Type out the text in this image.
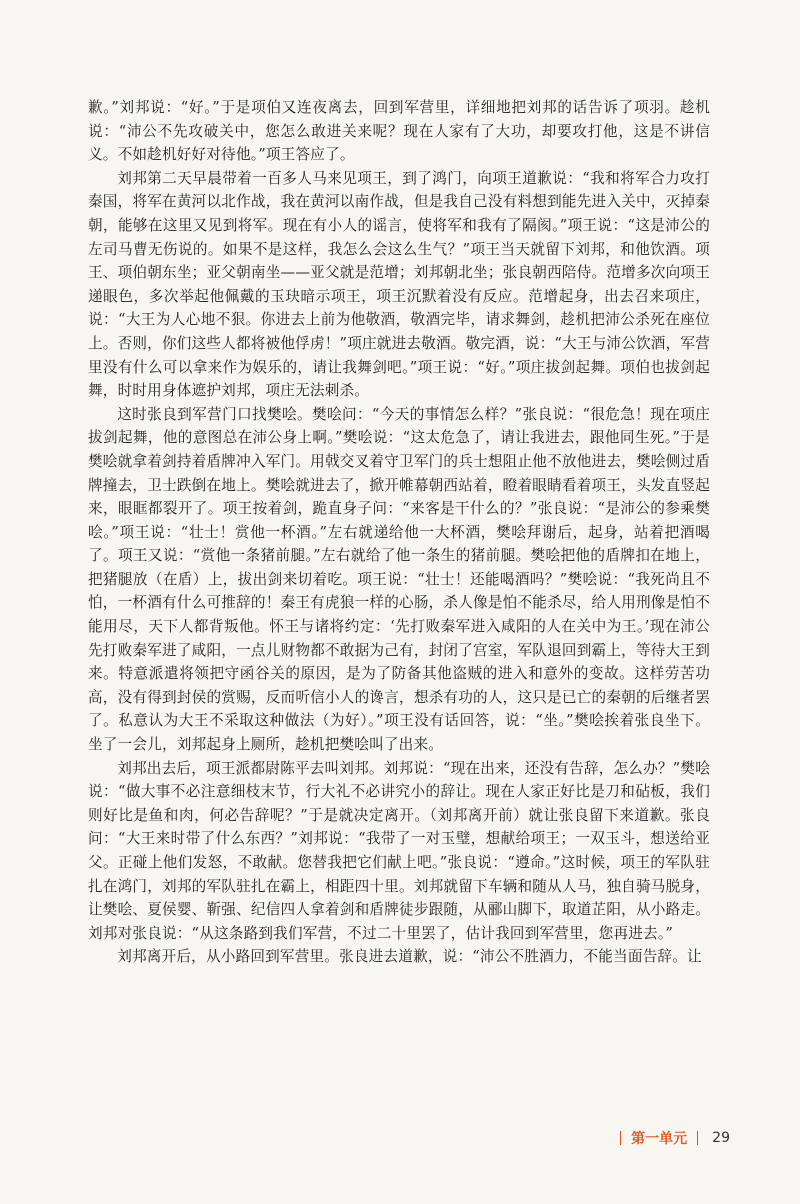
歉。”刘邦说：“好。”于是项伯又连夜离去，回到军营里，详细地把刘邦的话告诉了项羽。趁机说：“沛公不先攻破关中，您怎么敢进关来呢？现在人家有了大功，却要攻打他，这是不讲信义。不如趁机好好对待他。”项王答应了。

刘邦第二天早晨带着一百多人马来见项王，到了鸿门，向项王道歉说：“我和将军合力攻打秦国，将军在黄河以北作战，我在黄河以南作战，但是我自己没有料想到能先进入关中，灭掉秦朝，能够在这里又见到将军。现在有小人的谣言，使将军和我有了隔阂。”项王说：“这是沛公的左司马曹无伤说的。如果不是这样，我怎么会这么生气？”项王当天就留下刘邦，和他饮酒。项王、项伯朝东坐；亚父朝南坐——亚父就是范增；刘邦朝北坐；张良朝西陪侍。范增多次向项王递眼色，多次举起他佩戴的玉玦暗示项王，项王沉默着没有反应。范增起身，出去召来项庄，说：“大王为人心地不狠。你进去上前为他敬酒，敬酒完毕，请求舞剑，趁机把沛公杀死在座位上。否则，你们这些人都将被他俘虏！”项庄就进去敬酒。敬完酒，说：“大王与沛公饮酒，军营里没有什么可以拿来作为娱乐的，请让我舞剑吧。”项王说：“好。”项庄拔剑起舞。项伯也拔剑起舞，时时用身体遮护刘邦，项庄无法刺杀。

这时张良到军营门口找樊哙。樊哙问：“今天的事情怎么样？”张良说：“很危急！现在项庄拔剑起舞，他的意图总在沛公身上啊。”樊哙说：“这太危急了，请让我进去，跟他同生死。”于是樊哙就拿着剑持着盾牌冲入军门。用戟交叉着守卫军门的兵士想阻止他不放他进去，樊哙侧过盾牌撞去，卫士跌倒在地上。樊哙就进去了，掀开帷幕朝西站着，瞪着眼睛看着项王，头发直竖起来，眼眶都裂开了。项王按着剑，跪直身子问：“来客是干什么的？”张良说：“是沛公的参乘樊哙。”项王说：“壮士！赏他一杯酒。”左右就递给他一大杯酒，樊哙拜谢后，起身，站着把酒喝了。项王又说：“赏他一条猪前腿。”左右就给了他一条生的猪前腿。樊哙把他的盾牌扣在地上，把猪腿放（在盾）上，拔出剑来切着吃。项王说：“壮士！还能喝酒吗？”樊哙说：“我死尚且不怕，一杯酒有什么可推辞的！秦王有虎狼一样的心肠，杀人像是怕不能杀尽，给人用刑像是怕不能用尽，天下人都背叛他。怀王与诸将约定：‘先打败秦军进入咸阳的人在关中为王。’现在沛公先打败秦军进了咸阳，一点儿财物都不敢据为己有，封闭了宫室，军队退回到霸上，等待大王到来。特意派遣将领把守函谷关的原因，是为了防备其他盗贼的进入和意外的变故。这样劳苦功高，没有得到封侯的赏赐，反而听信小人的谗言，想杀有功的人，这只是已亡的秦朝的后继者罢了。私意认为大王不采取这种做法（为好）。”项王没有话回答，说：“坐。”樊哙挨着张良坐下。坐了一会儿，刘邦起身上厕所，趁机把樊哙叫了出来。

刘邦出去后，项王派都尉陈平去叫刘邦。刘邦说：“现在出来，还没有告辞，怎么办？”樊哙说：“做大事不必注意细枝末节，行大礼不必讲究小的辞让。现在人家正好比是刀和砧板，我们则好比是鱼和肉，何必告辞呢？”于是就决定离开。（刘邦离开前）就让张良留下来道歉。张良问：“大王来时带了什么东西？”刘邦说：“我带了一对玉璧，想献给项王；一双玉斗，想送给亚父。正碰上他们发怒，不敢献。您替我把它们献上吧。”张良说：“遵命。”这时候，项王的军队驻扎在鸿门，刘邦的军队驻扎在霸上，相距四十里。刘邦就留下车辆和随从人马，独自骑马脱身，让樊哙、夏侯婴、靳强、纪信四人拿着剑和盾牌徒步跟随，从郦山脚下，取道芷阳，从小路走。刘邦对张良说：“从这条路到我们军营，不过二十里罢了，估计我回到军营里，您再进去。”

刘邦离开后，从小路回到军营里。张良进去道歉，说：“沛公不胜酒力，不能当面告辞。让

第一单元 29
